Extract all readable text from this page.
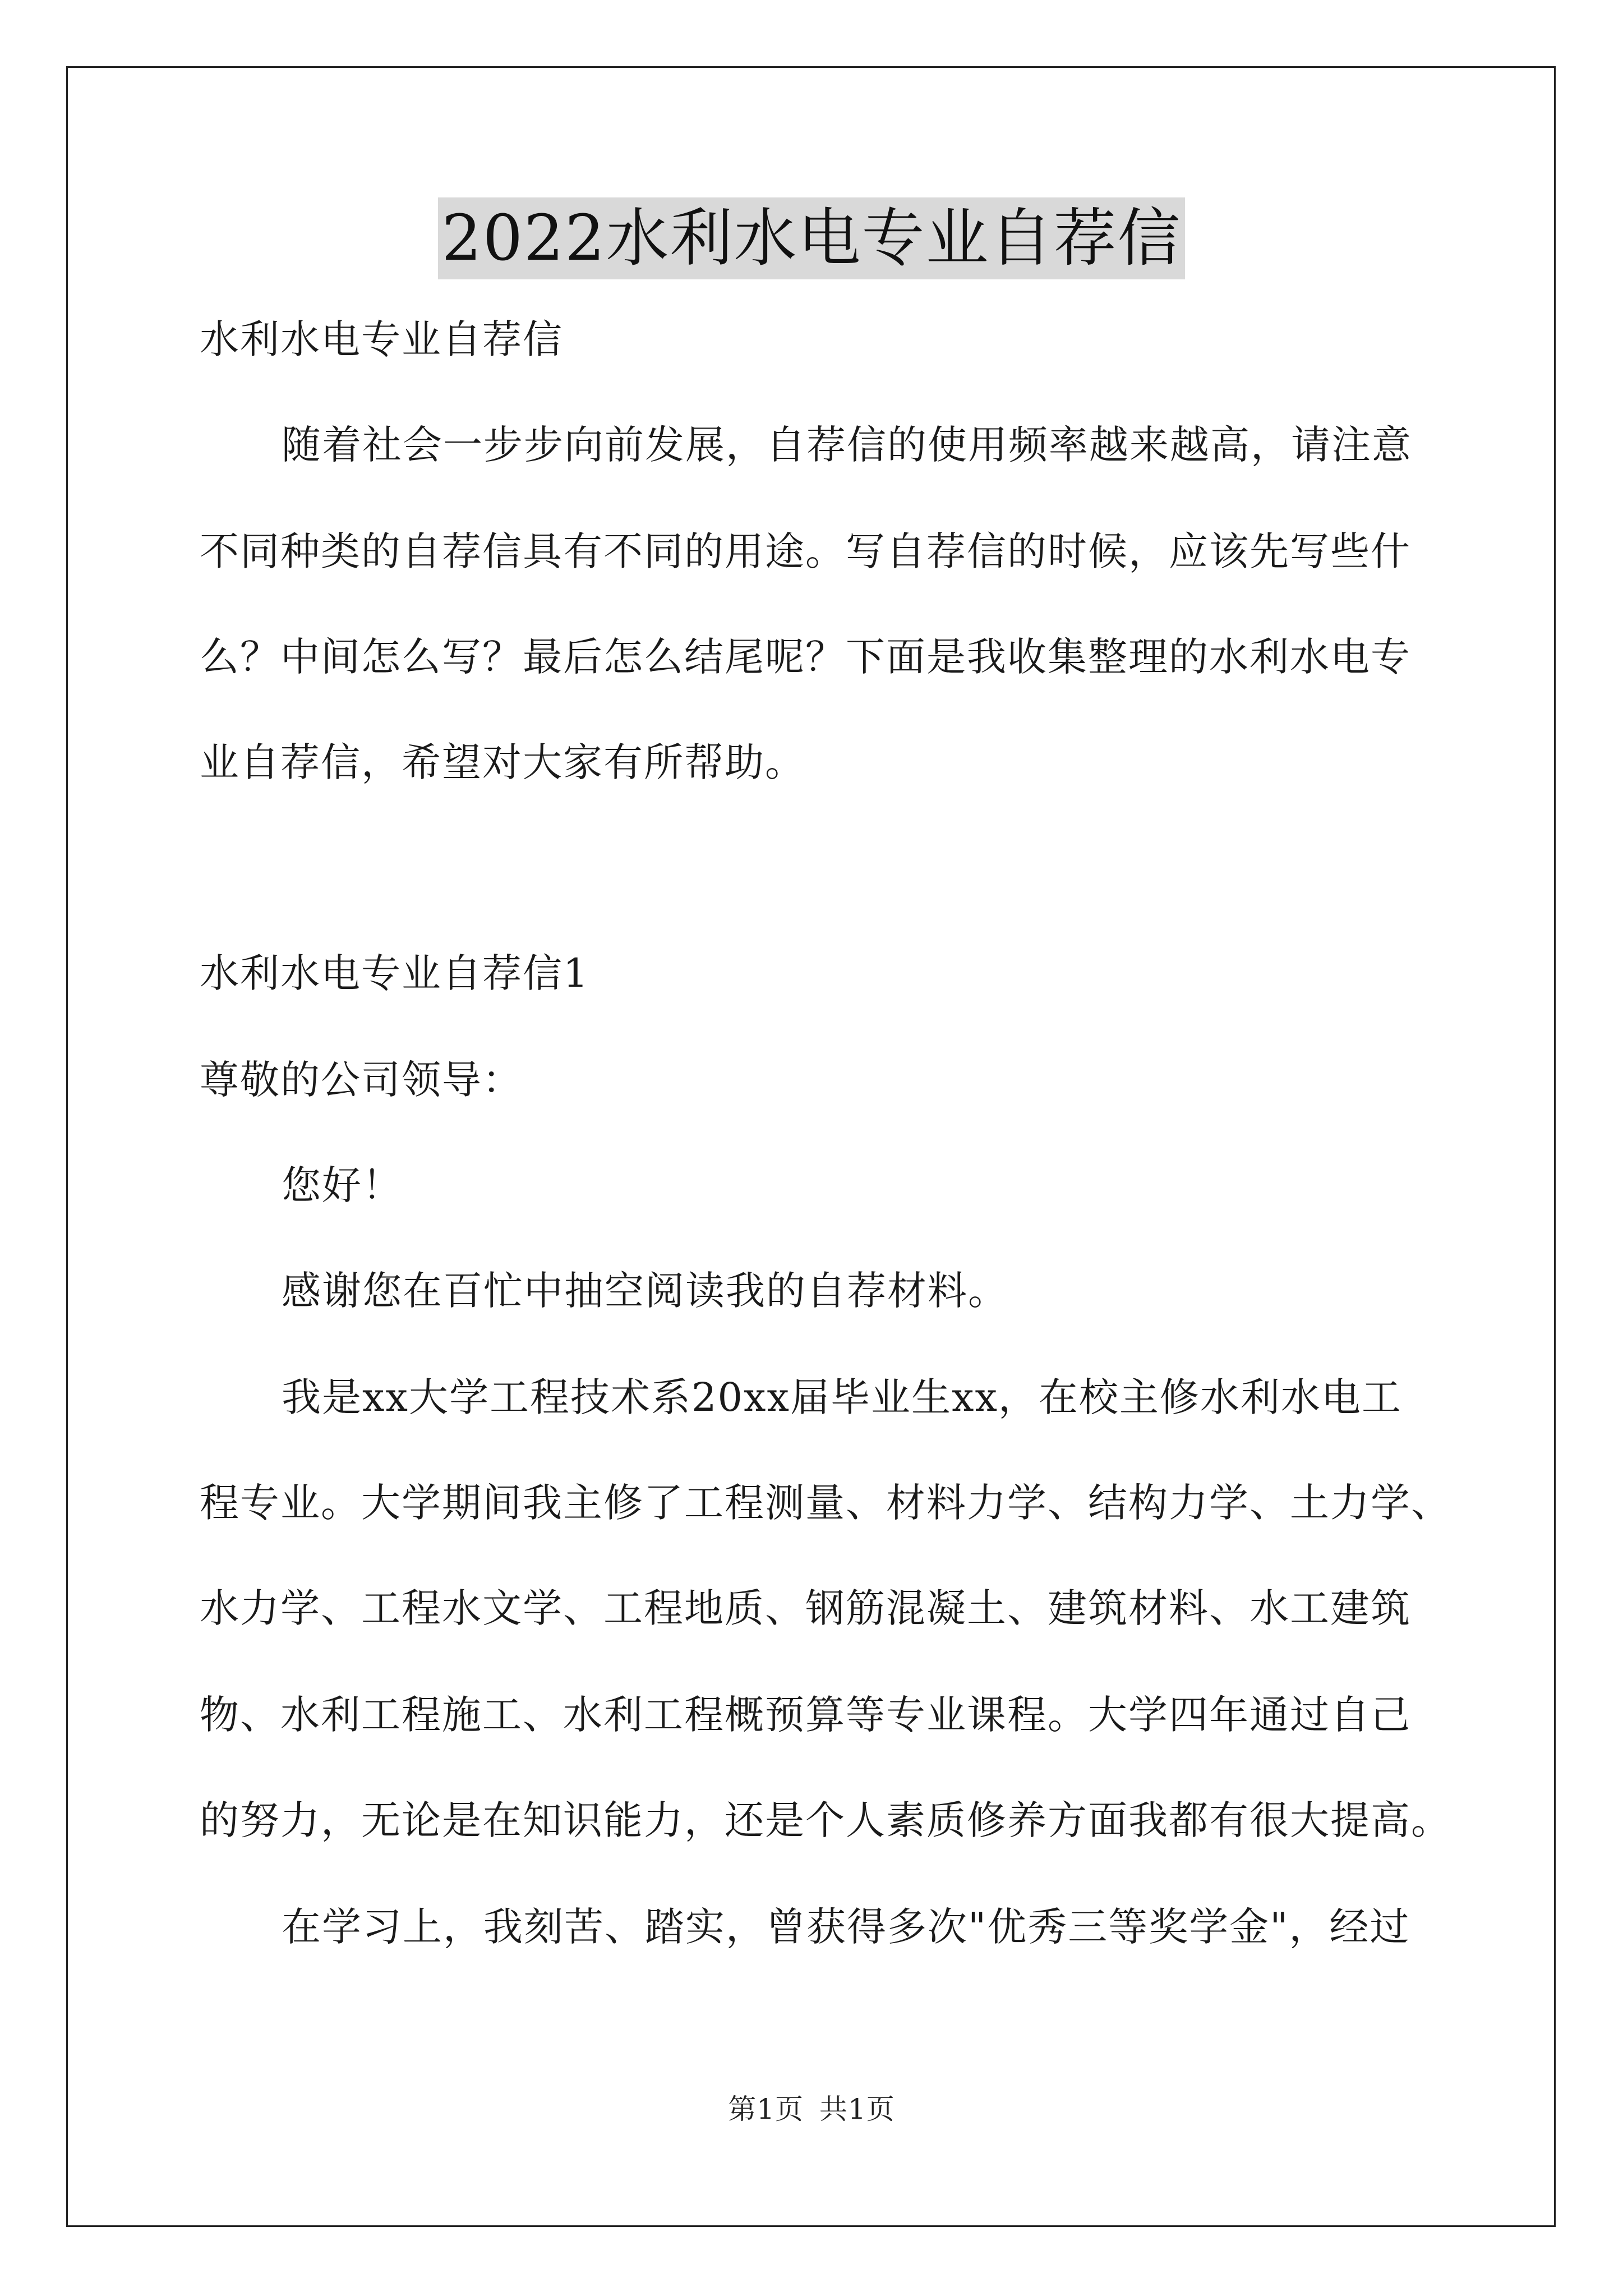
2022水利水电专业自荐信

水利水电专业自荐信

随着社会一步步向前发展，自荐信的使用频率越来越高，请注意

不同种类的自荐信具有不同的用途。写自荐信的时候，应该先写些什

么？中间怎么写？最后怎么结尾呢？下面是我收集整理的水利水电专

业自荐信，希望对大家有所帮助。

水利水电专业自荐信1

尊敬的公司领导：

您好！

感谢您在百忙中抽空阅读我的自荐材料。

我是xx大学工程技术系20xx届毕业生xx，在校主修水利水电工

程专业。大学期间我主修了工程测量、材料力学、结构力学、土力学、

水力学、工程水文学、工程地质、钢筋混凝土、建筑材料、水工建筑

物、水利工程施工、水利工程概预算等专业课程。大学四年通过自己

的努力，无论是在知识能力，还是个人素质修养方面我都有很大提高。

在学习上，我刻苦、踏实，曾获得多次"优秀三等奖学金"，经过

第1页 共1页
